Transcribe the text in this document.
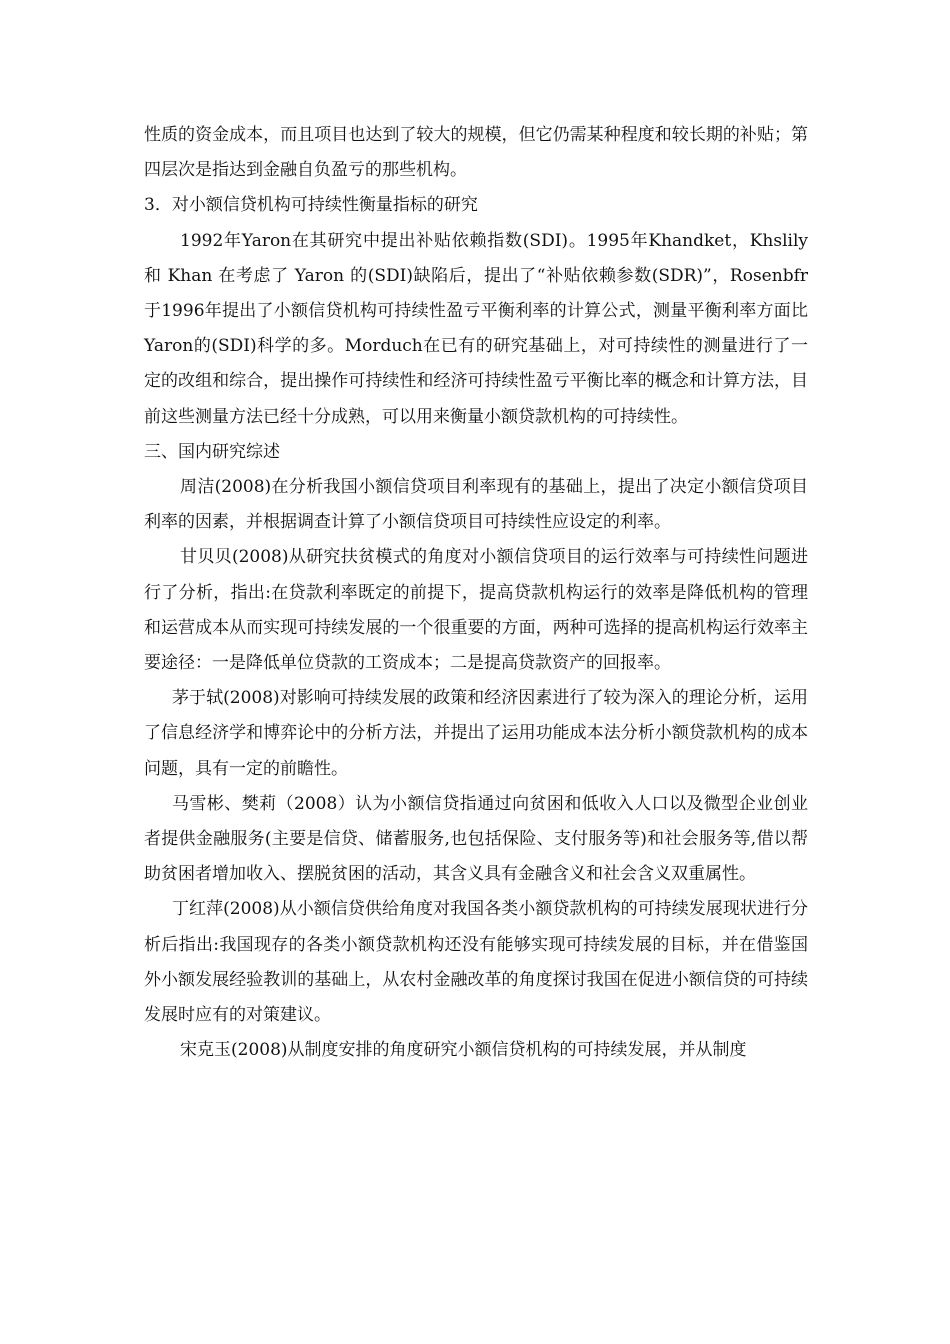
性质的资金成本，而且项目也达到了较大的规模，但它仍需某种程度和较长期的补贴；第四层次是指达到金融自负盈亏的那些机构。

3．对小额信贷机构可持续性衡量指标的研究

1992年Yaron在其研究中提出补贴依赖指数(SDI)。1995年Khandket，Khslily 和 Khan 在考虑了 Yaron 的(SDI)缺陷后，提出了“补贴依赖参数(SDR)”，Rosenbfr于1996年提出了小额信贷机构可持续性盈亏平衡利率的计算公式，测量平衡利率方面比Yaron的(SDI)科学的多。Morduch在已有的研究基础上，对可持续性的测量进行了一定的改组和综合，提出操作可持续性和经济可持续性盈亏平衡比率的概念和计算方法，目前这些测量方法已经十分成熟，可以用来衡量小额贷款机构的可持续性。

三、国内研究综述

周洁(2008)在分析我国小额信贷项目利率现有的基础上，提出了决定小额信贷项目利率的因素，并根据调查计算了小额信贷项目可持续性应设定的利率。

甘贝贝(2008)从研究扶贫模式的角度对小额信贷项目的运行效率与可持续性问题进行了分析，指出:在贷款利率既定的前提下，提高贷款机构运行的效率是降低机构的管理和运营成本从而实现可持续发展的一个很重要的方面，两种可选择的提高机构运行效率主要途径：一是降低单位贷款的工资成本；二是提高贷款资产的回报率。

茅于轼(2008)对影响可持续发展的政策和经济因素进行了较为深入的理论分析，运用了信息经济学和博弈论中的分析方法，并提出了运用功能成本法分析小额贷款机构的成本问题，具有一定的前瞻性。

马雪彬、樊莉（2008）认为小额信贷指通过向贫困和低收入人口以及微型企业创业者提供金融服务(主要是信贷、储蓄服务,也包括保险、支付服务等)和社会服务等,借以帮助贫困者增加收入、摆脱贫困的活动，其含义具有金融含义和社会含义双重属性。

丁红萍(2008)从小额信贷供给角度对我国各类小额贷款机构的可持续发展现状进行分析后指出:我国现存的各类小额贷款机构还没有能够实现可持续发展的目标，并在借鉴国外小额发展经验教训的基础上，从农村金融改革的角度探讨我国在促进小额信贷的可持续发展时应有的对策建议。

宋克玉(2008)从制度安排的角度研究小额信贷机构的可持续发展，并从制度
